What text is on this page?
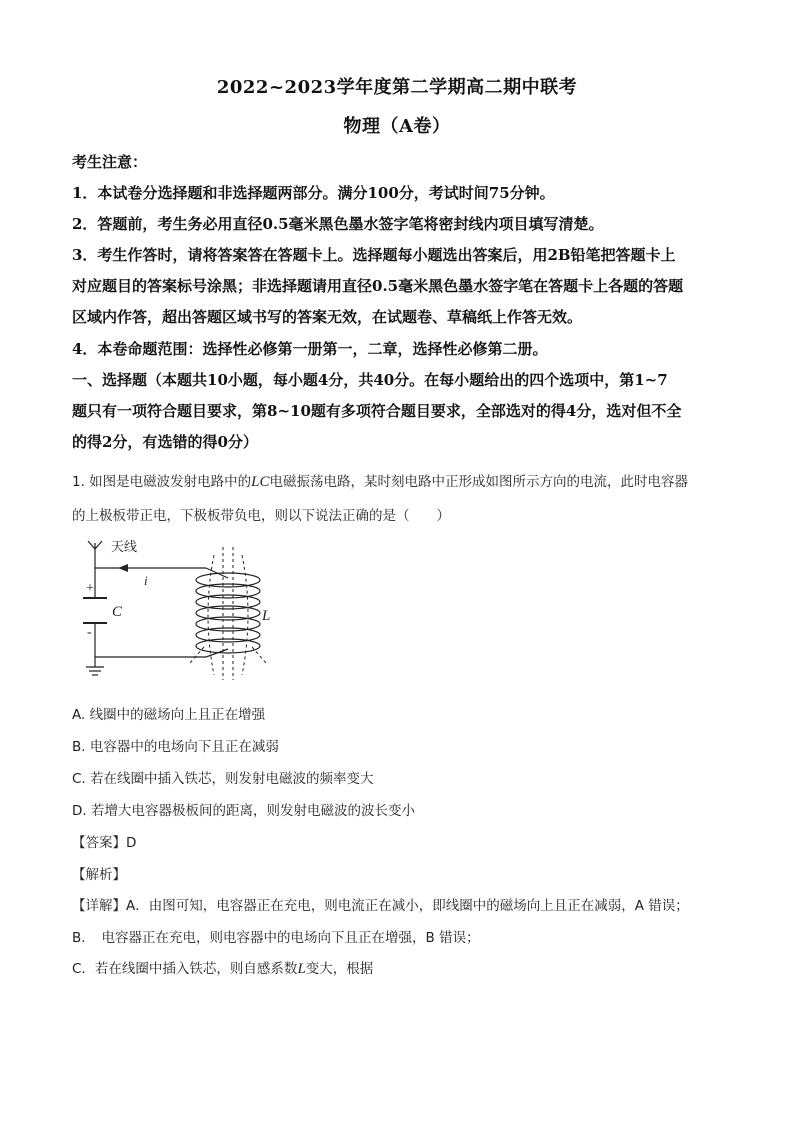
2022~2023学年度第二学期高二期中联考
物理（A卷）
考生注意：
1．本试卷分选择题和非选择题两部分。满分100分，考试时间75分钟。
2．答题前，考生务必用直径0.5毫米黑色墨水签字笔将密封线内项目填写清楚。
3．考生作答时，请将答案答在答题卡上。选择题每小题选出答案后，用2B铅笔把答题卡上
对应题目的答案标号涂黑；非选择题请用直径0.5毫米黑色墨水签字笔在答题卡上各题的答题
区域内作答，超出答题区域书写的答案无效，在试题卷、草稿纸上作答无效。
4．本卷命题范围：选择性必修第一册第一，二章，选择性必修第二册。
一、选择题（本题共10小题，每小题4分，共40分。在每小题给出的四个选项中，第1~7
题只有一项符合题目要求，第8~10题有多项符合题目要求，全部选对的得4分，选对但不全
的得2分，有选错的得0分）
1. 如图是电磁波发射电路中的LC电磁振荡电路，某时刻电路中正形成如图所示方向的电流，此时电容器
的上极板带正电，下极板带负电，则以下说法正确的是（　　）
天线
i
+
-
C	L
A. 线圈中的磁场向上且正在增强
B. 电容器中的电场向下且正在减弱
C. 若在线圈中插入铁芯，则发射电磁波的频率变大
D. 若增大电容器极板间的距离，则发射电磁波的波长变小
【答案】D
【解析】
【详解】A．由图可知，电容器正在充电，则电流正在减小，即线圈中的磁场向上且正在减弱，A 错误；
B．　电容器正在充电，则电容器中的电场向下且正在增强，B 错误；
C．若在线圈中插入铁芯，则自感系数L变大，根据
